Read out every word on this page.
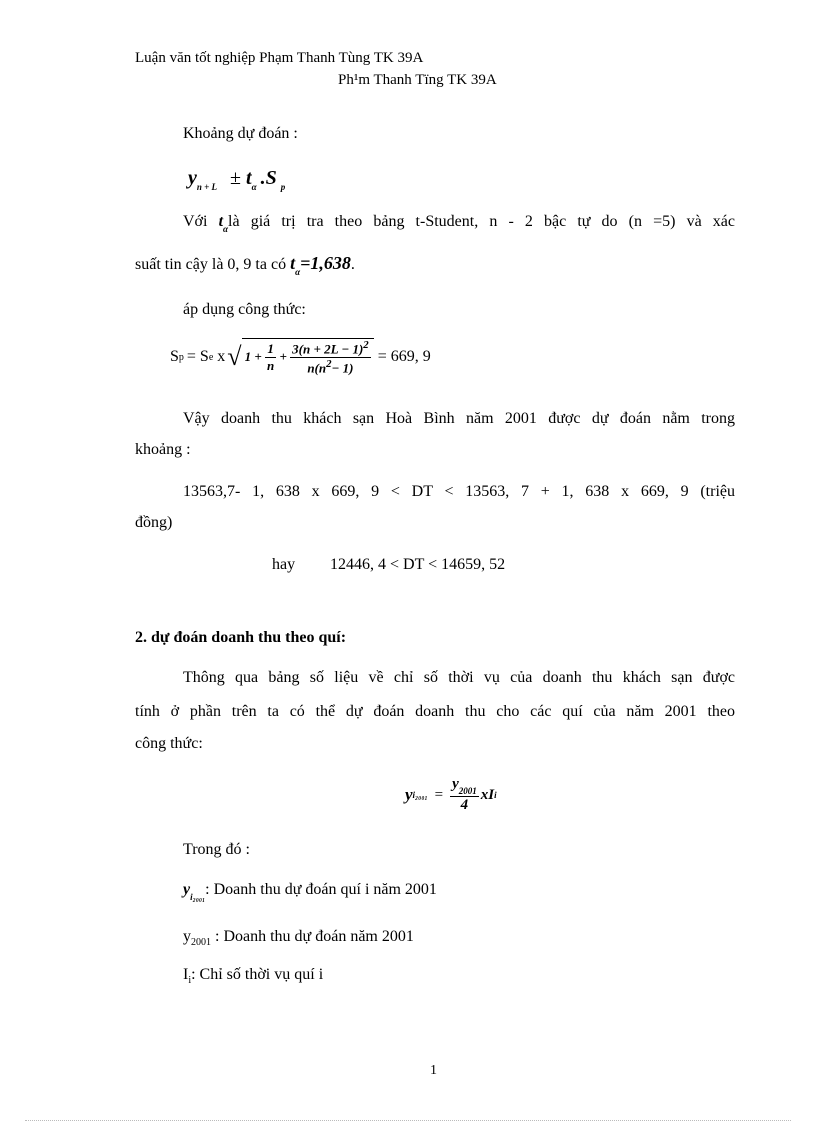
Luận văn tốt nghiệp Phạm Thanh Tùng TK 39A
Ph¹m Thanh Tïng TK 39A
Khoảng dự đoán :
$y_{n + L} \pm t_\alpha$ .S $_p$
Với $t_\alpha là$ giá trị tra theo bảng t-Student, n - 2 bậc tự do (n =5) và xác
suất tin cậy là 0, 9 ta có $t_\alpha=1,638$.
áp dụng công thức:
S p = S e x √ $1 + \frac{1}{n} + \frac{3(n + 2L - 1)^2}{n(n^2- 1)} = 669$, 9
Vậy doanh thu khách sạn Hoà Bình năm 2001 được dự đoán nằm trong
khoảng :
13563,7- 1, 638 x 669, 9 < DT < 13563, 7 + 1, 638 x 669, 9 (triệu
đồng)
hay 12446, 4 < DT < 14659, 52
2. dự đoán doanh thu theo quí:
Thông qua bảng số liệu về chỉ số thời vụ của doanh thu khách sạn được
tính ở phần trên ta có thể dự đoán doanh thu cho các quí của năm 2001 theo
công thức:
y $i_{2001} = \frac{y_{2001}}{4}$ x I i
Trong đó :
$y_{i_{2001}}$: Doanh thu dự đoán quí i năm 2001
$y_{2001}$ : Doanh thu dự đoán năm 2001
$I_i$: Chỉ số thời vụ quí i
1
